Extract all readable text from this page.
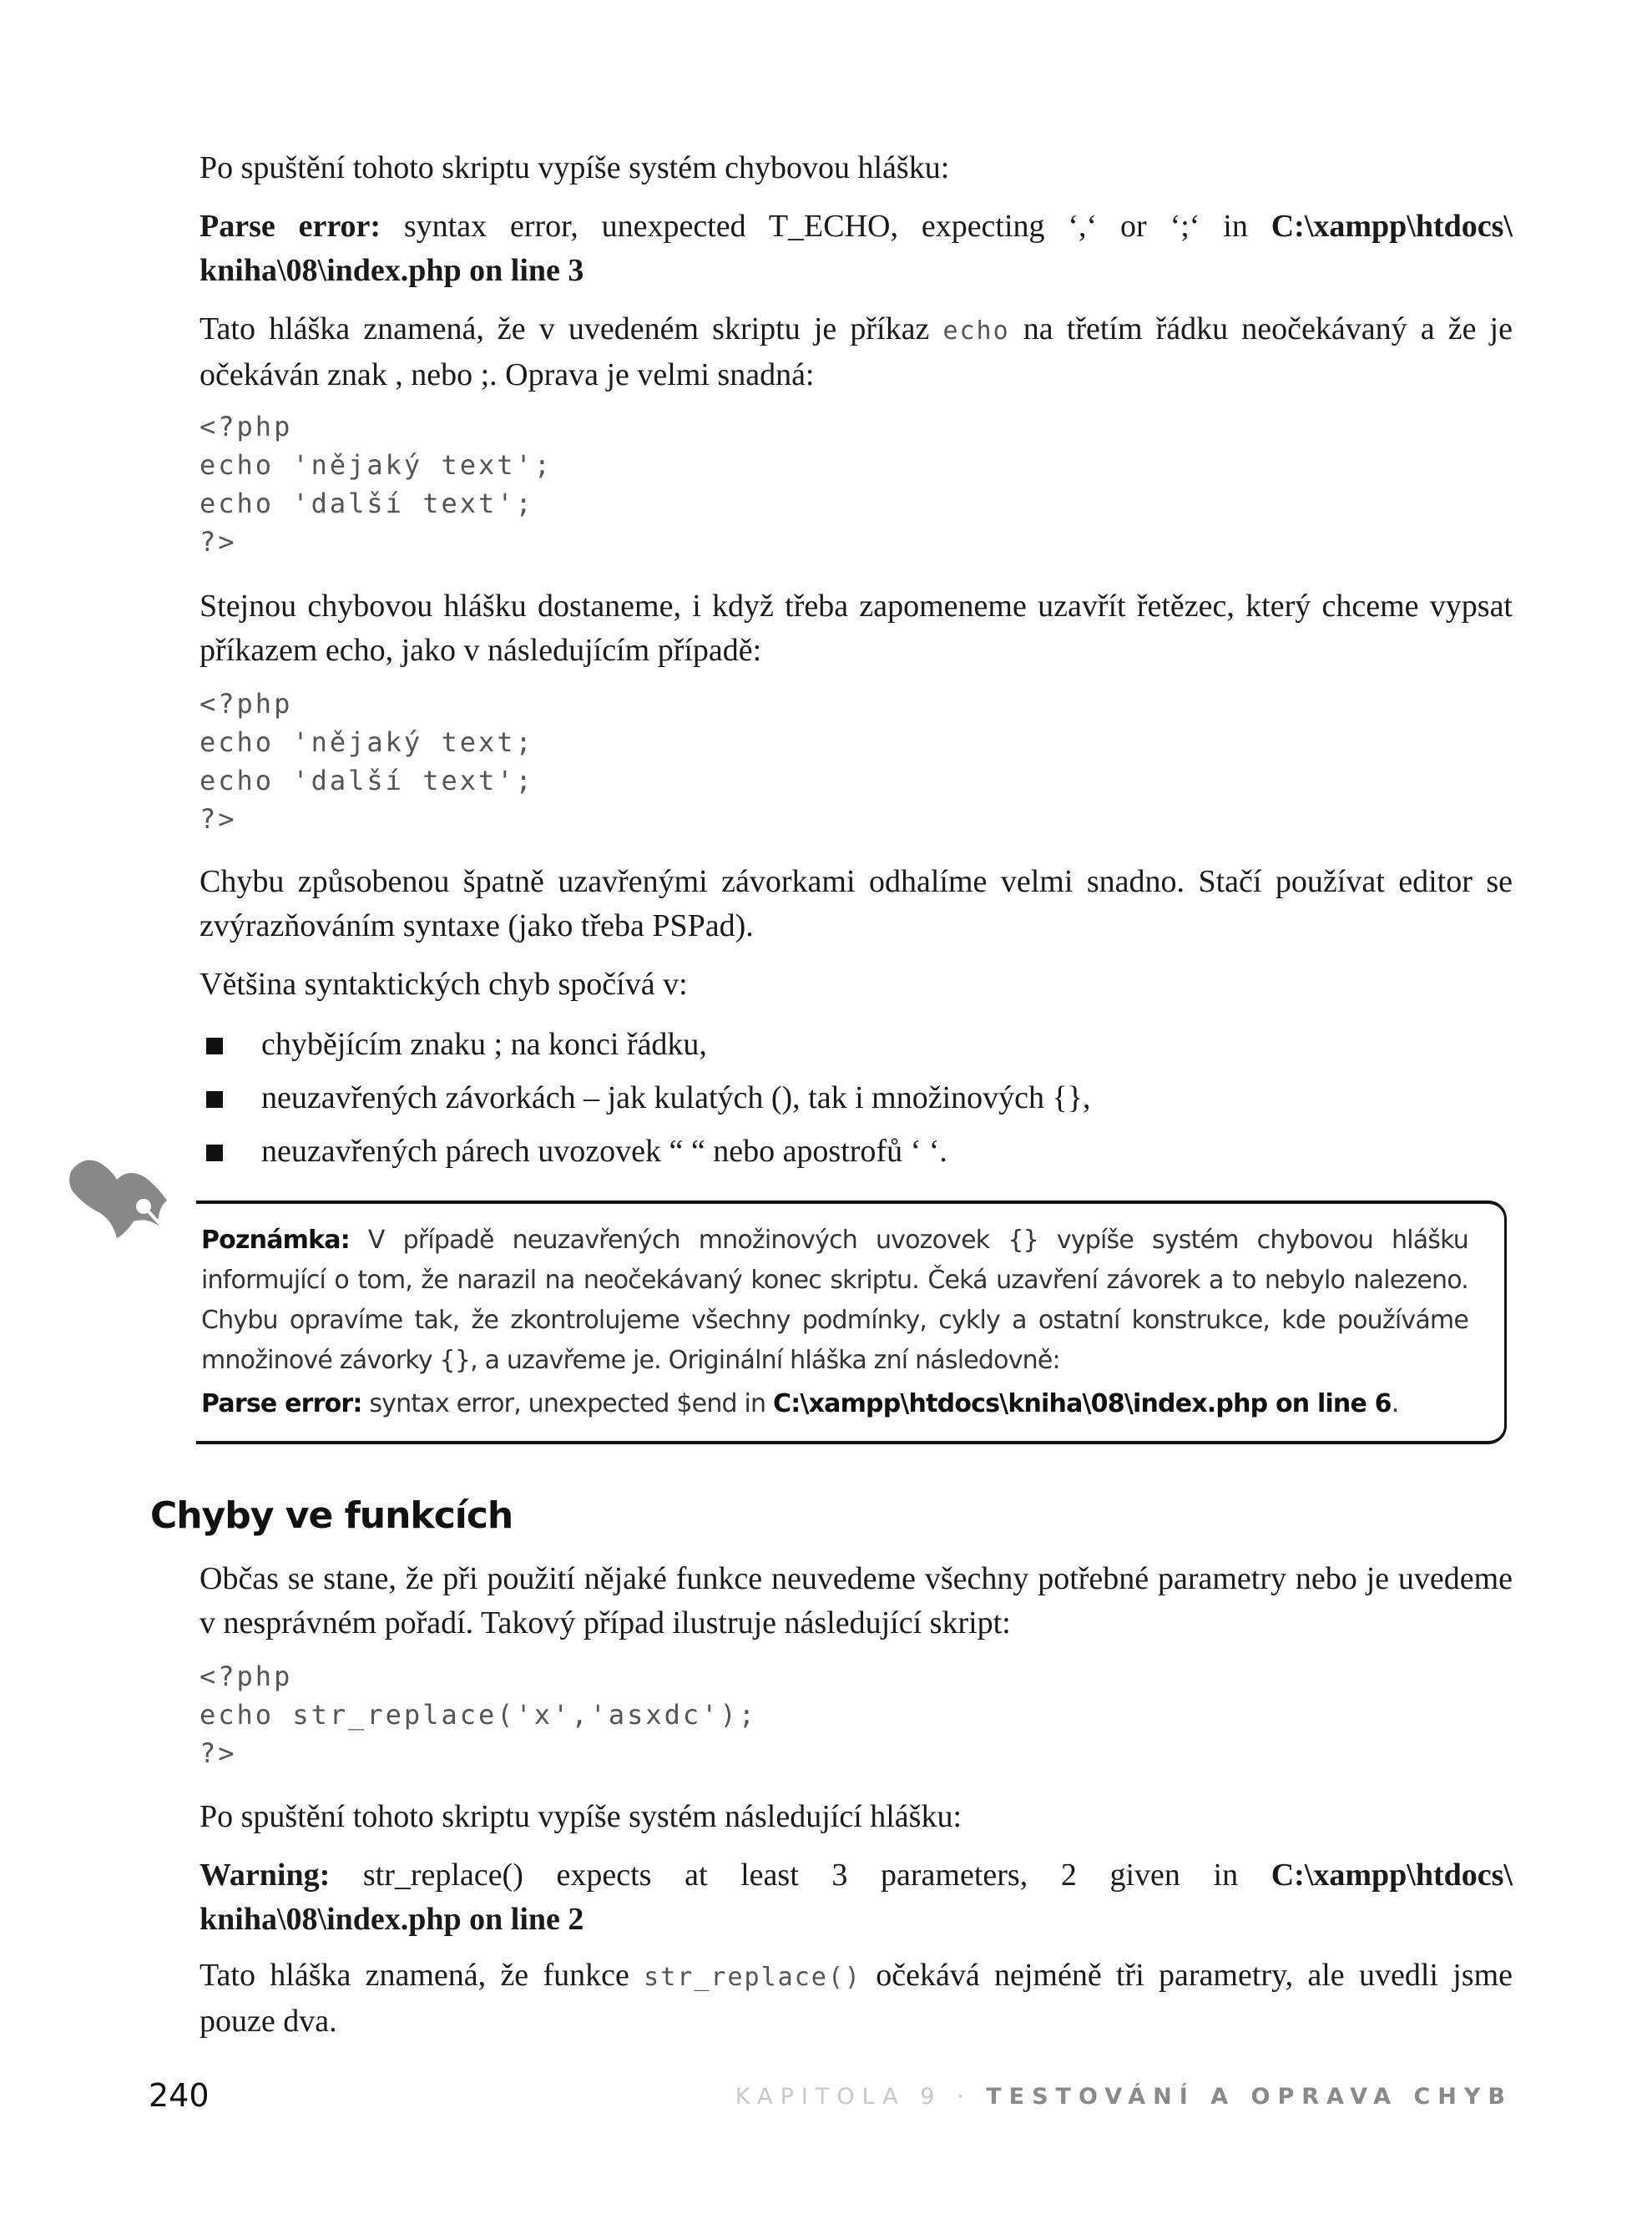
Po spuštění tohoto skriptu vypíše systém chybovou hlášku:

Parse error: syntax error, unexpected T_ECHO, expecting ‘,‘ or ‘;‘ in C:\xampp\htdocs\ kniha\08\index.php on line 3

Tato hláška znamená, že v uvedeném skriptu je příkaz echo na třetím řádku neočekávaný a že je očekáván znak , nebo ;. Oprava je velmi snadná:

<?php
echo 'nějaký text';
echo 'další text';
?>

Stejnou chybovou hlášku dostaneme, i když třeba zapomeneme uzavřít řetězec, který chceme vypsat příkazem echo, jako v následujícím případě:

<?php
echo 'nějaký text;
echo 'další text';
?>

Chybu způsobenou špatně uzavřenými závorkami odhalíme velmi snadno. Stačí používat editor se zvýrazňováním syntaxe (jako třeba PSPad).

Většina syntaktických chyb spočívá v:

chybějícím znaku ; na konci řádku,
neuzavřených závorkách – jak kulatých (), tak i množinových {},
neuzavřených párech uvozovek “ “ nebo apostrofů ‘ ‘.
Poznámka: V případě neuzavřených množinových uvozovek {} vypíše systém chybovou hlášku informující o tom, že narazil na neočekávaný konec skriptu. Čeká uzavření závorek a to nebylo nalezeno. Chybu opravíme tak, že zkontrolujeme všechny podmínky, cykly a ostatní konstrukce, kde používáme množinové závorky {}, a uzavřeme je. Originální hláška zní následovně:
Parse error: syntax error, unexpected $end in C:\xampp\htdocs\kniha\08\index.php on line 6.
Chyby ve funkcích

Občas se stane, že při použití nějaké funkce neuvedeme všechny potřebné parametry nebo je uvedeme v nesprávném pořadí. Takový případ ilustruje následující skript:

<?php
echo str_replace('x','asxdc');
?>

Po spuštění tohoto skriptu vypíše systém následující hlášku:

Warning: str_replace() expects at least 3 parameters, 2 given in C:\xampp\htdocs\ kniha\08\index.php on line 2

Tato hláška znamená, že funkce str_replace() očekává nejméně tři parametry, ale uvedli jsme pouze dva.

240	KAPITOLA 9 · TESTOVÁNÍ A OPRAVA CHYB
